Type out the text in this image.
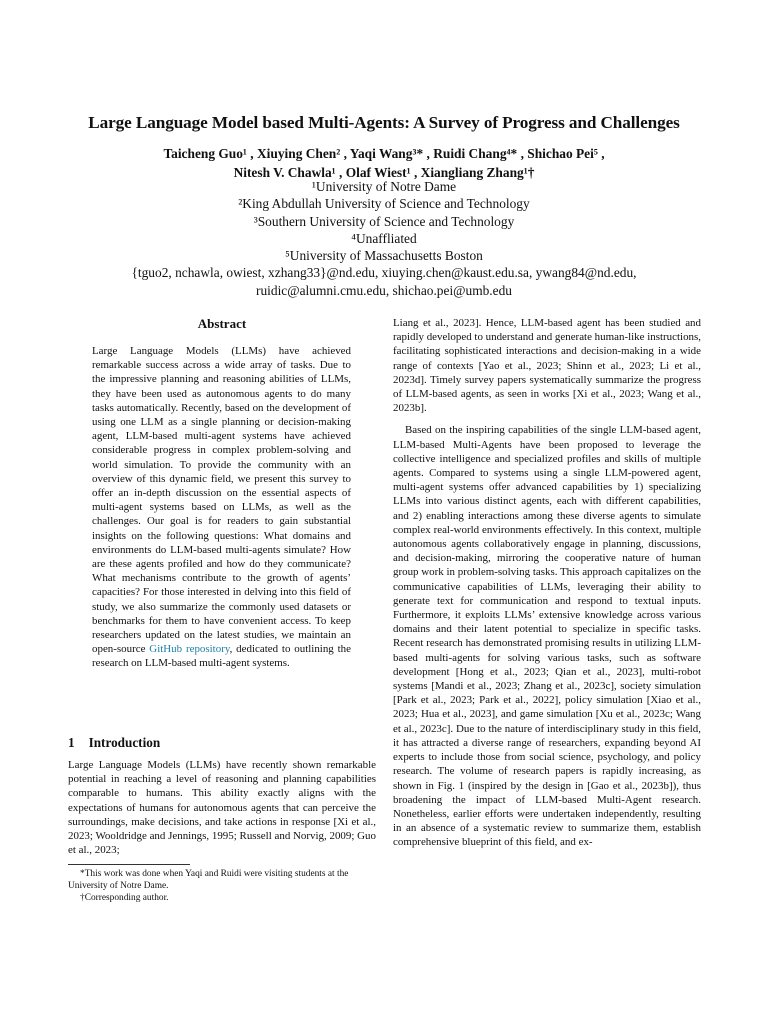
Large Language Model based Multi-Agents: A Survey of Progress and Challenges
Taicheng Guo¹ , Xiuying Chen² , Yaqi Wang³* , Ruidi Chang⁴* , Shichao Pei⁵ ,
Nitesh V. Chawla¹ , Olaf Wiest¹ , Xiangliang Zhang¹†
¹University of Notre Dame
²King Abdullah University of Science and Technology
³Southern University of Science and Technology
⁴Unaffliated
⁵University of Massachusetts Boston
{tguo2, nchawla, owiest, xzhang33}@nd.edu, xiuying.chen@kaust.edu.sa, ywang84@nd.edu,
ruidic@alumni.cmu.edu, shichao.pei@umb.edu
Abstract
Large Language Models (LLMs) have achieved remarkable success across a wide array of tasks. Due to the impressive planning and reasoning abilities of LLMs, they have been used as autonomous agents to do many tasks automatically. Recently, based on the development of using one LLM as a single planning or decision-making agent, LLM-based multi-agent systems have achieved considerable progress in complex problem-solving and world simulation. To provide the community with an overview of this dynamic field, we present this survey to offer an in-depth discussion on the essential aspects of multi-agent systems based on LLMs, as well as the challenges. Our goal is for readers to gain substantial insights on the following questions: What domains and environments do LLM-based multi-agents simulate? How are these agents profiled and how do they communicate? What mechanisms contribute to the growth of agents’ capacities? For those interested in delving into this field of study, we also summarize the commonly used datasets or benchmarks for them to have convenient access. To keep researchers updated on the latest studies, we maintain an open-source GitHub repository, dedicated to outlining the research on LLM-based multi-agent systems.
1 Introduction

Large Language Models (LLMs) have recently shown remarkable potential in reaching a level of reasoning and planning capabilities comparable to humans. This ability exactly aligns with the expectations of humans for autonomous agents that can perceive the surroundings, make decisions, and take actions in response [Xi et al., 2023; Wooldridge and Jennings, 1995; Russell and Norvig, 2009; Guo et al., 2023;

*This work was done when Yaqi and Ruidi were visiting students at the University of Notre Dame.

†Corresponding author.

Liang et al., 2023]. Hence, LLM-based agent has been studied and rapidly developed to understand and generate human-like instructions, facilitating sophisticated interactions and decision-making in a wide range of contexts [Yao et al., 2023; Shinn et al., 2023; Li et al., 2023d]. Timely survey papers systematically summarize the progress of LLM-based agents, as seen in works [Xi et al., 2023; Wang et al., 2023b].

Based on the inspiring capabilities of the single LLM-based agent, LLM-based Multi-Agents have been proposed to leverage the collective intelligence and specialized profiles and skills of multiple agents. Compared to systems using a single LLM-powered agent, multi-agent systems offer advanced capabilities by 1) specializing LLMs into various distinct agents, each with different capabilities, and 2) enabling interactions among these diverse agents to simulate complex real-world environments effectively. In this context, multiple autonomous agents collaboratively engage in planning, discussions, and decision-making, mirroring the cooperative nature of human group work in problem-solving tasks. This approach capitalizes on the communicative capabilities of LLMs, leveraging their ability to generate text for communication and respond to textual inputs. Furthermore, it exploits LLMs’ extensive knowledge across various domains and their latent potential to specialize in specific tasks. Recent research has demonstrated promising results in utilizing LLM-based multi-agents for solving various tasks, such as software development [Hong et al., 2023; Qian et al., 2023], multi-robot systems [Mandi et al., 2023; Zhang et al., 2023c], society simulation [Park et al., 2023; Park et al., 2022], policy simulation [Xiao et al., 2023; Hua et al., 2023], and game simulation [Xu et al., 2023c; Wang et al., 2023c]. Due to the nature of interdisciplinary study in this field, it has attracted a diverse range of researchers, expanding beyond AI experts to include those from social science, psychology, and policy research. The volume of research papers is rapidly increasing, as shown in Fig. 1 (inspired by the design in [Gao et al., 2023b]), thus broadening the impact of LLM-based Multi-Agent research. Nonetheless, earlier efforts were undertaken independently, resulting in an absence of a systematic review to summarize them, establish comprehensive blueprint of this field, and ex-
